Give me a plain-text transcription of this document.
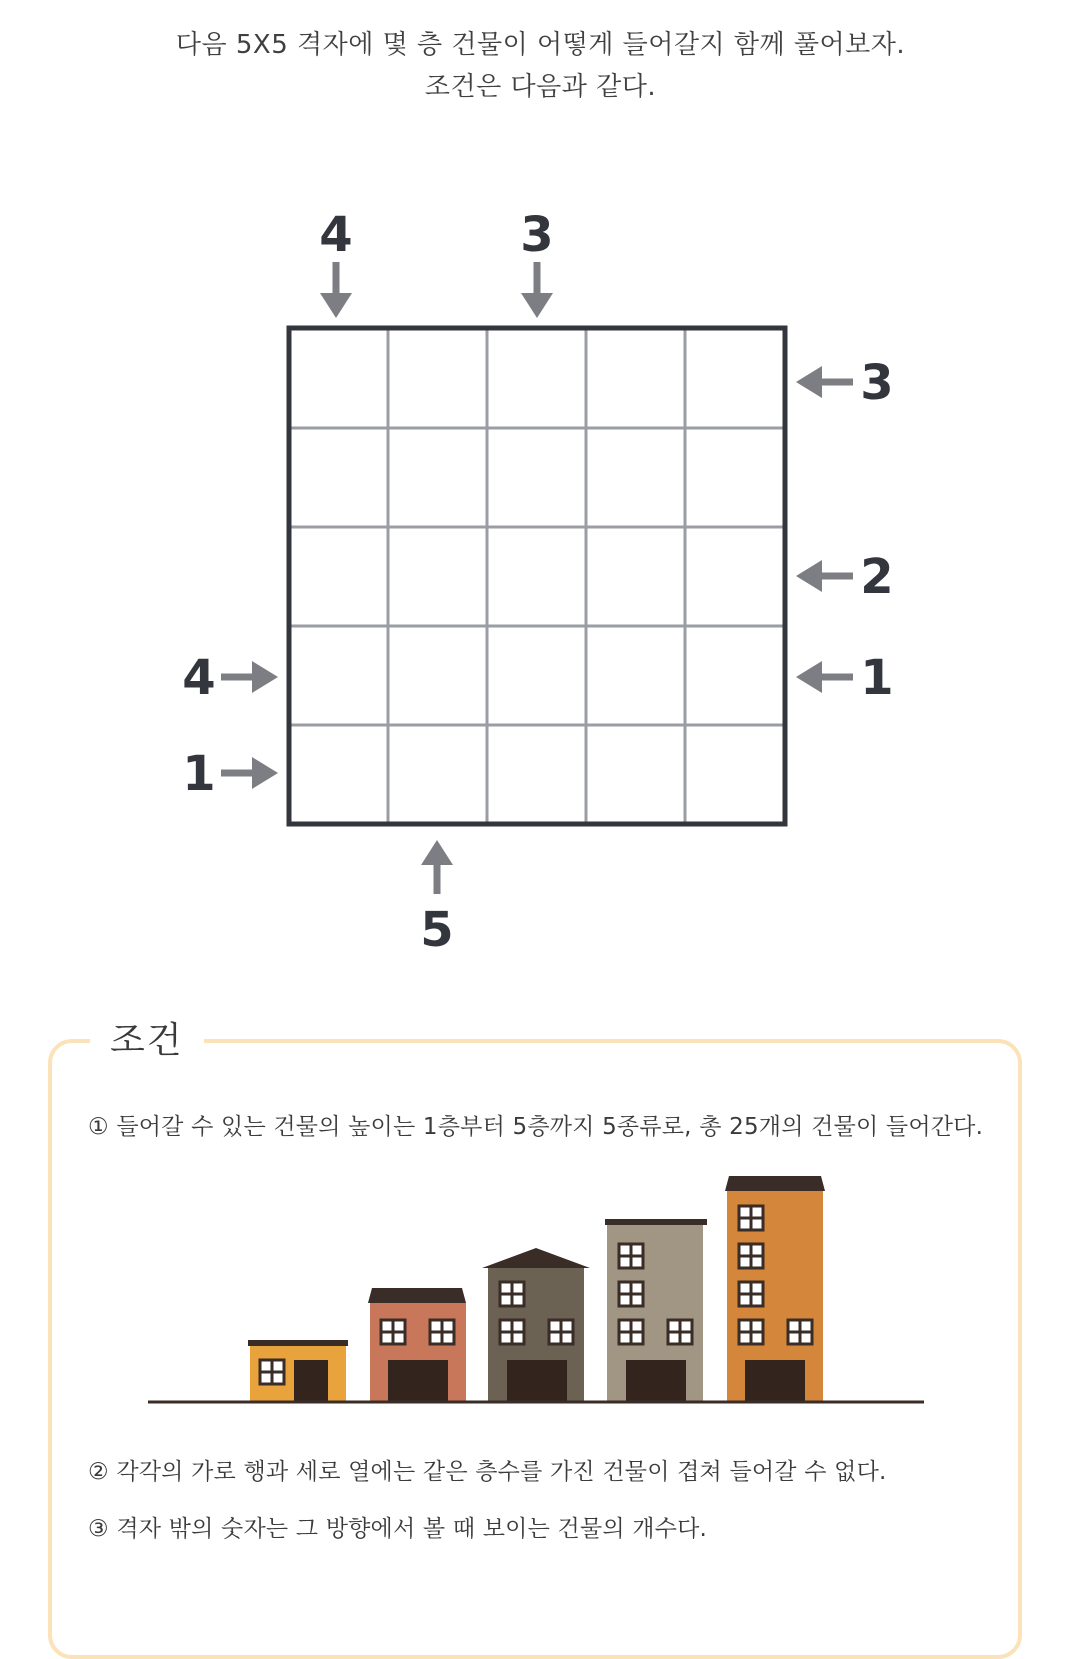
다음 5X5 격자에 몇 층 건물이 어떻게 들어갈지 함께 풀어보자.
조건은 다음과 같다.
4	3
3
2
1
4
1
5
조건
① 들어갈 수 있는 건물의 높이는 1층부터 5층까지 5종류로, 총 25개의 건물이 들어간다.
② 각각의 가로 행과 세로 열에는 같은 층수를 가진 건물이 겹쳐 들어갈 수 없다.
③ 격자 밖의 숫자는 그 방향에서 볼 때 보이는 건물의 개수다.
